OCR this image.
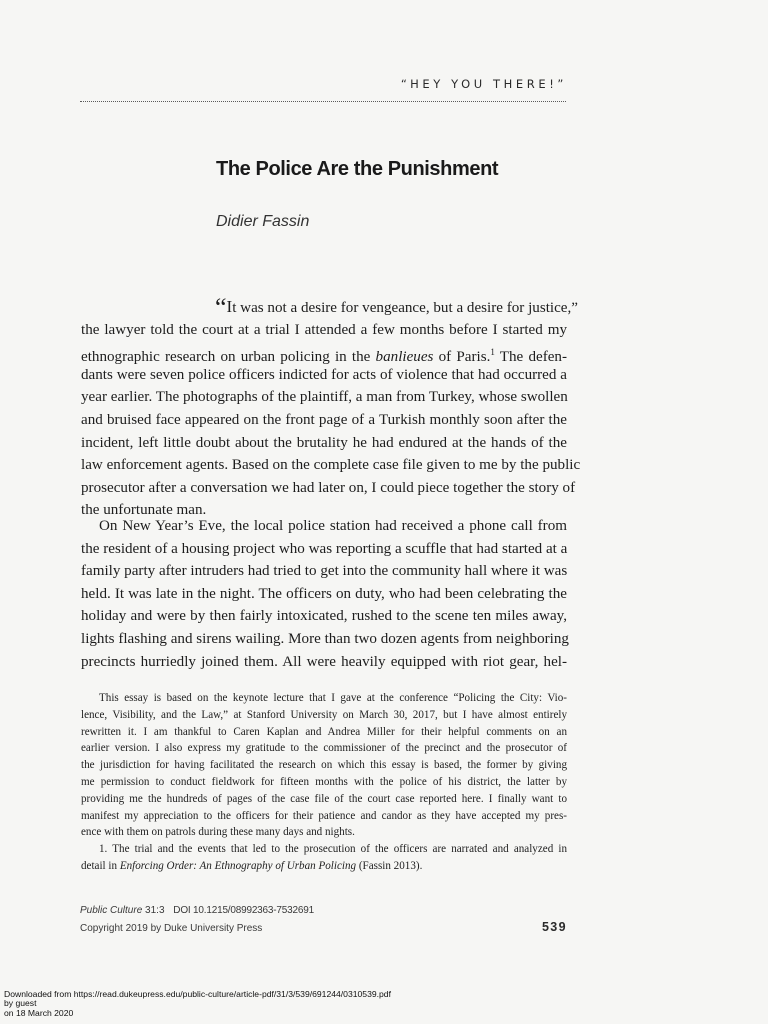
“HEY YOU THERE!”
The Police Are the Punishment
Didier Fassin
“It was not a desire for vengeance, but a desire for justice,”
the lawyer told the court at a trial I attended a few months before I started my
ethnographic research on urban policing in the banlieues of Paris.$^1$ The defen-
dants were seven police officers indicted for acts of violence that had occurred a
year earlier. The photographs of the plaintiff, a man from Turkey, whose swollen
and bruised face appeared on the front page of a Turkish monthly soon after the
incident, left little doubt about the brutality he had endured at the hands of the
law enforcement agents. Based on the complete case file given to me by the public
prosecutor after a conversation we had later on, I could piece together the story of
the unfortunate man.
On New Year’s Eve, the local police station had received a phone call from
the resident of a housing project who was reporting a scuffle that had started at a
family party after intruders had tried to get into the community hall where it was
held. It was late in the night. The officers on duty, who had been celebrating the
holiday and were by then fairly intoxicated, rushed to the scene ten miles away,
lights flashing and sirens wailing. More than two dozen agents from neighboring
precincts hurriedly joined them. All were heavily equipped with riot gear, hel-
This essay is based on the keynote lecture that I gave at the conference “Policing the City: Vio-
lence, Visibility, and the Law,” at Stanford University on March 30, 2017, but I have almost entirely
rewritten it. I am thankful to Caren Kaplan and Andrea Miller for their helpful comments on an
earlier version. I also express my gratitude to the commissioner of the precinct and the prosecutor of
the jurisdiction for having facilitated the research on which this essay is based, the former by giving
me permission to conduct fieldwork for fifteen months with the police of his district, the latter by
providing me the hundreds of pages of the case file of the court case reported here. I finally want to
manifest my appreciation to the officers for their patience and candor as they have accepted my pres-
ence with them on patrols during these many days and nights.
1. The trial and the events that led to the prosecution of the officers are narrated and analyzed in
detail in Enforcing Order: An Ethnography of Urban Policing (Fassin 2013).
Public Culture 31:3 DOI 10.1215/08992363-7532691
Copyright 2019 by Duke University Press	539
Downloaded from https://read.dukeupress.edu/public-culture/article-pdf/31/3/539/691244/0310539.pdf
by guest
on 18 March 2020
